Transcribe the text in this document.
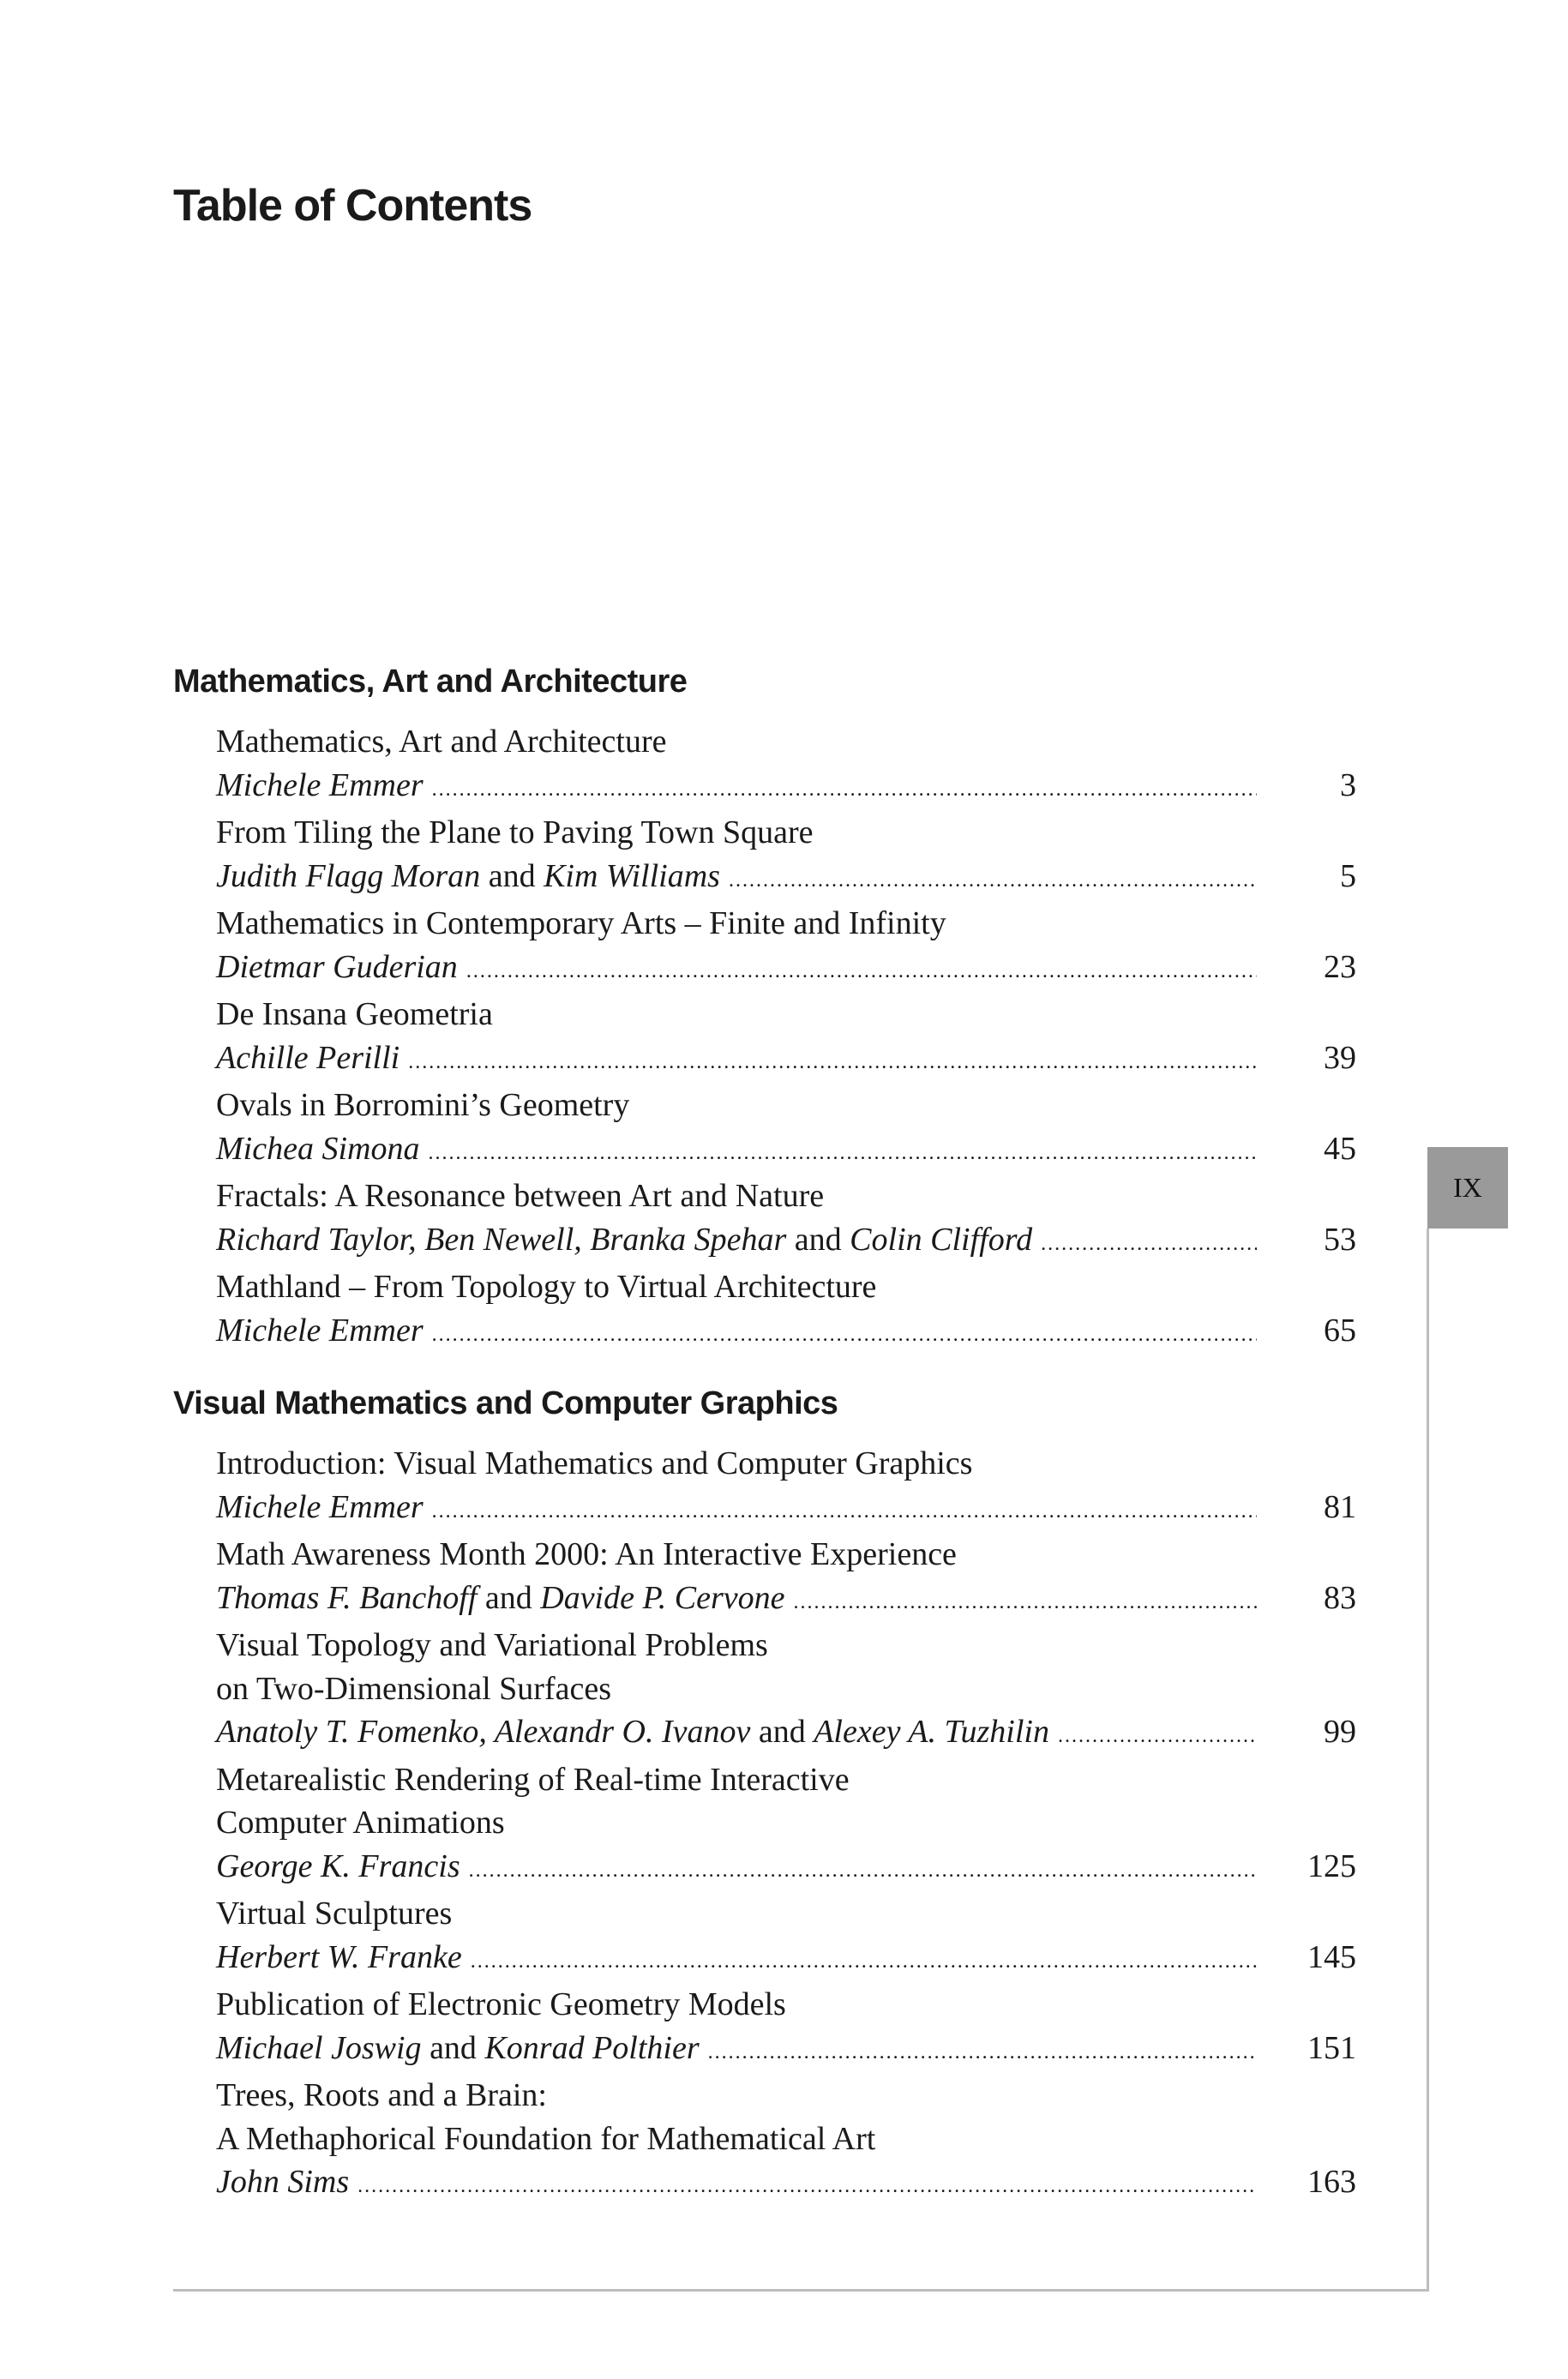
Table of Contents
Mathematics, Art and Architecture
Mathematics, Art and Architecture
Michele Emmer .....	3
From Tiling the Plane to Paving Town Square
Judith Flagg Moran and Kim Williams .....	5
Mathematics in Contemporary Arts – Finite and Infinity
Dietmar Guderian .....	23
De Insana Geometria
Achille Perilli .....	39
Ovals in Borromini’s Geometry
Michea Simona .....	45
Fractals: A Resonance between Art and Nature
Richard Taylor, Ben Newell, Branka Spehar and Colin Clifford .....	53
Mathland – From Topology to Virtual Architecture
Michele Emmer .....	65
Visual Mathematics and Computer Graphics
Introduction: Visual Mathematics and Computer Graphics
Michele Emmer .....	81
Math Awareness Month 2000: An Interactive Experience
Thomas F. Banchoff and Davide P. Cervone .....	83
Visual Topology and Variational Problems
on Two-Dimensional Surfaces
Anatoly T. Fomenko, Alexandr O. Ivanov and Alexey A. Tuzhilin .....	99
Metarealistic Rendering of Real-time Interactive
Computer Animations
George K. Francis .....	125
Virtual Sculptures
Herbert W. Franke .....	145
Publication of Electronic Geometry Models
Michael Joswig and Konrad Polthier .....	151
Trees, Roots and a Brain:
A Methaphorical Foundation for Mathematical Art
John Sims .....	163
IX
